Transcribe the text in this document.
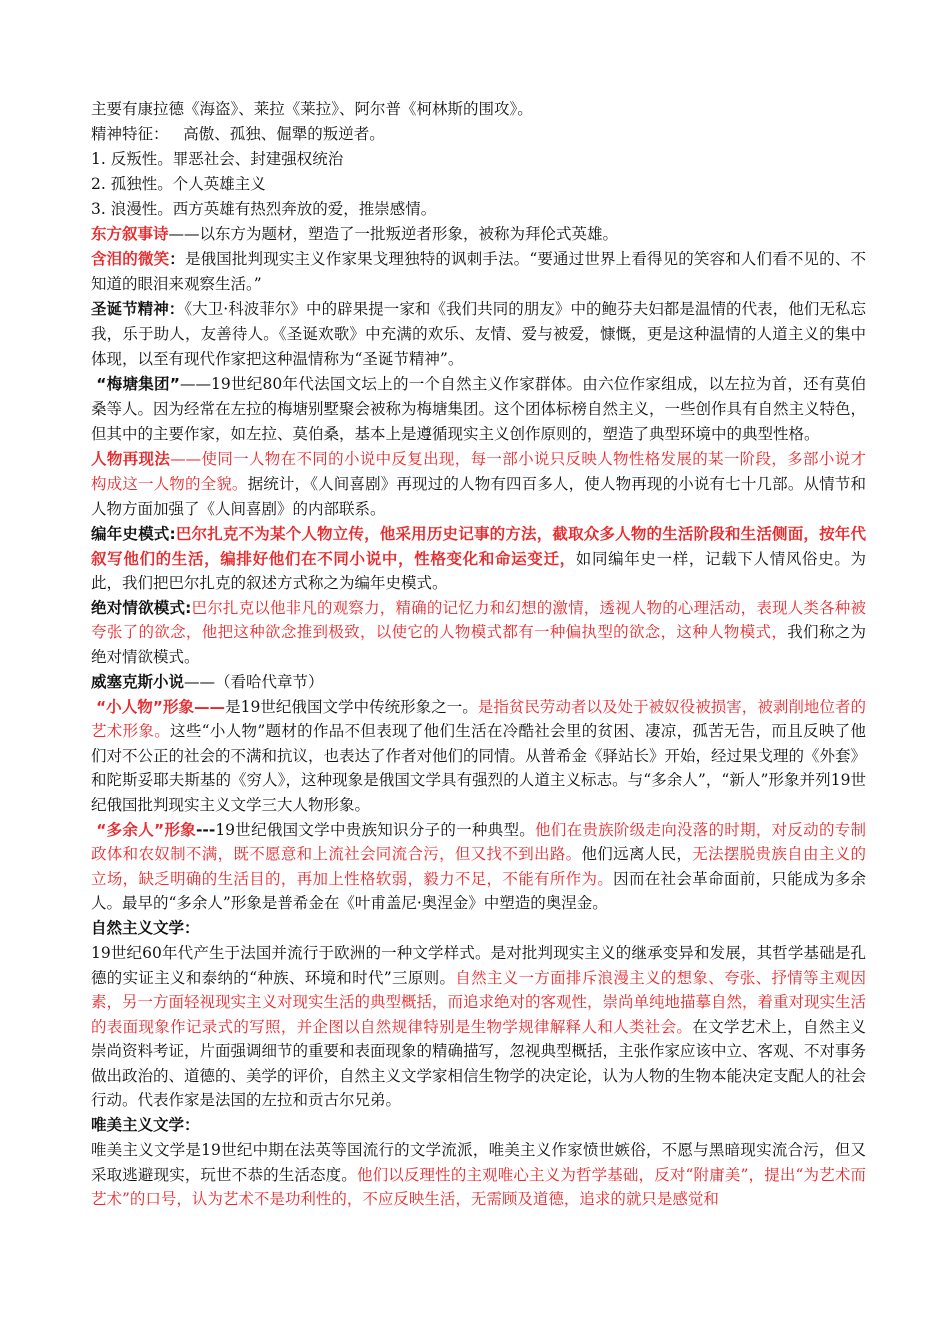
主要有康拉德《海盗》、莱拉《莱拉》、阿尔普《柯林斯的围攻》。

精神特征： 高傲、孤独、倔犟的叛逆者。

1. 反叛性。罪恶社会、封建强权统治

2. 孤独性。个人英雄主义

3. 浪漫性。西方英雄有热烈奔放的爱，推崇感情。

东方叙事诗——以东方为题材，塑造了一批叛逆者形象，被称为拜伦式英雄。

含泪的微笑：是俄国批判现实主义作家果戈理独特的讽刺手法。“要通过世界上看得见的笑容和人们看不见的、不知道的眼泪来观察生活。”

圣诞节精神：《大卫·科波菲尔》中的辟果提一家和《我们共同的朋友》中的鲍芬夫妇都是温情的代表，他们无私忘我，乐于助人，友善待人。《圣诞欢歌》中充满的欢乐、友情、爱与被爱，慷慨，更是这种温情的人道主义的集中体现，以至有现代作家把这种温情称为“圣诞节精神”。

“梅塘集团”——19世纪80年代法国文坛上的一个自然主义作家群体。由六位作家组成，以左拉为首，还有莫伯桑等人。因为经常在左拉的梅塘别墅聚会被称为梅塘集团。这个团体标榜自然主义，一些创作具有自然主义特色，但其中的主要作家，如左拉、莫伯桑，基本上是遵循现实主义创作原则的，塑造了典型环境中的典型性格。

人物再现法——使同一人物在不同的小说中反复出现，每一部小说只反映人物性格发展的某一阶段，多部小说才构成这一人物的全貌。据统计，《人间喜剧》再现过的人物有四百多人，使人物再现的小说有七十几部。从情节和人物方面加强了《人间喜剧》的内部联系。

编年史模式:巴尔扎克不为某个人物立传，他采用历史记事的方法，截取众多人物的生活阶段和生活侧面，按年代叙写他们的生活，编排好他们在不同小说中，性格变化和命运变迁，如同编年史一样，记载下人情风俗史。为此，我们把巴尔扎克的叙述方式称之为编年史模式。

绝对情欲模式:巴尔扎克以他非凡的观察力，精确的记忆力和幻想的激情，透视人物的心理活动，表现人类各种被夸张了的欲念，他把这种欲念推到极致，以使它的人物模式都有一种偏执型的欲念，这种人物模式，我们称之为绝对情欲模式。

威塞克斯小说——（看哈代章节）

“小人物”形象——是19世纪俄国文学中传统形象之一。是指贫民劳动者以及处于被奴役被损害，被剥削地位者的艺术形象。这些“小人物”题材的作品不但表现了他们生活在冷酷社会里的贫困、凄凉，孤苦无告，而且反映了他们对不公正的社会的不满和抗议，也表达了作者对他们的同情。从普希金《驿站长》开始，经过果戈理的《外套》和陀斯妥耶夫斯基的《穷人》，这种现象是俄国文学具有强烈的人道主义标志。与“多余人”，“新人”形象并列19世纪俄国批判现实主义文学三大人物形象。

“多余人”形象---19世纪俄国文学中贵族知识分子的一种典型。他们在贵族阶级走向没落的时期，对反动的专制政体和农奴制不满，既不愿意和上流社会同流合污，但又找不到出路。他们远离人民，无法摆脱贵族自由主义的立场，缺乏明确的生活目的，再加上性格软弱，毅力不足，不能有所作为。因而在社会革命面前，只能成为多余人。最早的“多余人”形象是普希金在《叶甫盖尼·奥涅金》中塑造的奥涅金。

自然主义文学：

19世纪60年代产生于法国并流行于欧洲的一种文学样式。是对批判现实主义的继承变异和发展，其哲学基础是孔德的实证主义和泰纳的“种族、环境和时代”三原则。自然主义一方面排斥浪漫主义的想象、夸张、抒情等主观因素，另一方面轻视现实主义对现实生活的典型概括，而追求绝对的客观性，崇尚单纯地描摹自然，着重对现实生活的表面现象作记录式的写照，并企图以自然规律特别是生物学规律解释人和人类社会。在文学艺术上，自然主义崇尚资料考证，片面强调细节的重要和表面现象的精确描写，忽视典型概括，主张作家应该中立、客观、不对事务做出政治的、道德的、美学的评价，自然主义文学家相信生物学的决定论，认为人物的生物本能决定支配人的社会行动。代表作家是法国的左拉和贡古尔兄弟。

唯美主义文学：

唯美主义文学是19世纪中期在法英等国流行的文学流派，唯美主义作家愤世嫉俗，不愿与黑暗现实流合污，但又采取逃避现实，玩世不恭的生活态度。他们以反理性的主观唯心主义为哲学基础，反对“附庸美”，提出“为艺术而艺术”的口号，认为艺术不是功利性的，不应反映生活，无需顾及道德，追求的就只是感觉和
